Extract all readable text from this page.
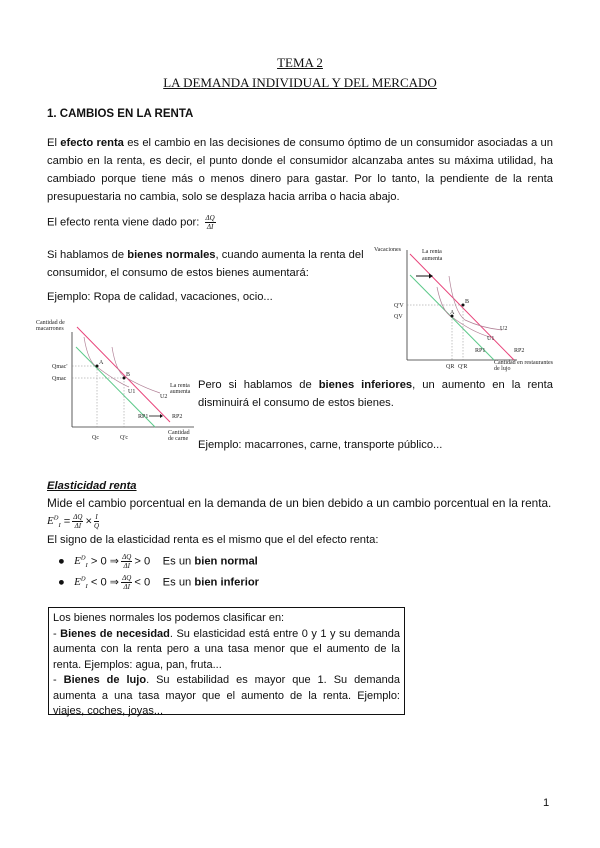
TEMA 2
LA DEMANDA INDIVIDUAL Y DEL MERCADO
1. CAMBIOS EN LA RENTA
El efecto renta es el cambio en las decisiones de consumo óptimo de un consumidor asociadas a un cambio en la renta, es decir, el punto donde el consumidor alcanzaba antes su máxima utilidad, ha cambiado porque tiene más o menos dinero para gastar. Por lo tanto, la pendiente de la renta presupuestaria no cambia, solo se desplaza hacia arriba o hacia abajo.
El efecto renta viene dado por: $\frac{\Delta Q}{\Delta I}$
Si hablamos de bienes normales, cuando aumenta la renta del consumidor, el consumo de estos bienes aumentará:
Ejemplo: Ropa de calidad, vacaciones, ocio...
Vacaciones	La renta
aumenta
Q'V
QV
B
A
U2
U1
RP1	RP2
QR Q'R
Cantidad en restaurantes
de lujo
Cantidad de
macarrones
Qmac'
Qmac
A
B
U1
U2
La renta
aumenta
RP1	RP2
Qc	Q'c
Cantidad
de carne
Pero si hablamos de bienes inferiores, un aumento en la renta disminuirá el consumo de estos bienes.
Ejemplo: macarrones, carne, transporte público...
Elasticidad renta
Mide el cambio porcentual en la demanda de un bien debido a un cambio porcentual en la renta.
$E^D_I = \frac{\Delta Q}{\Delta I} \times \frac{I}{Q}$
El signo de la elasticidad renta es el mismo que el del efecto renta:
●   $E^D_I > 0$ ⇒ $\frac{\Delta Q}{\Delta I} > 0$ Es un bien normal
●   $E^D_I < 0$ ⇒ $\frac{\Delta Q}{\Delta I} < 0$ Es un bien inferior
Los bienes normales los podemos clasificar en:
- Bienes de necesidad. Su elasticidad está entre 0 y 1 y su demanda aumenta con la renta pero a una tasa menor que el aumento de la renta. Ejemplos: agua, pan, fruta...
- Bienes de lujo. Su estabilidad es mayor que 1. Su demanda aumenta a una tasa mayor que el aumento de la renta. Ejemplo: viajes, coches, joyas...
1
